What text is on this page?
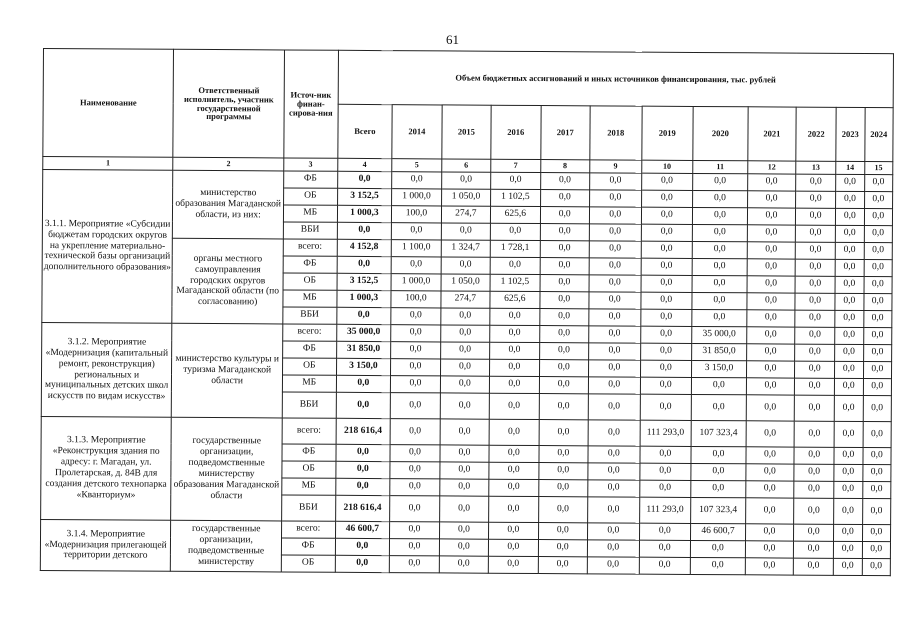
61
Наименование	Ответственный исполнитель, участник государственной программы	Источ-ник финан-сирова-ния	Объем бюджетных ассигнований и иных источников финансирования, тыс. рублей											
			Всего	2014	2015	2016	2017	2018	2019	2020	2021	2022	2023	2024
1	2	3	4	5	6	7	8	9	10	11	12	13	14	15
3.1.1. Мероприятие «Субсидии бюджетам городских округов на укрепление материально-технической базы организаций дополнительного образования»	министерство образования Магаданской области, из них:	ФБ	0,0	0,0	0,0	0,0	0,0	0,0	0,0	0,0	0,0	0,0	0,0	0,0
		ОБ	3 152,5	1 000,0	1 050,0	1 102,5	0,0	0,0	0,0	0,0	0,0	0,0	0,0	0,0
		МБ	1 000,3	100,0	274,7	625,6	0,0	0,0	0,0	0,0	0,0	0,0	0,0	0,0
		ВБИ	0,0	0,0	0,0	0,0	0,0	0,0	0,0	0,0	0,0	0,0	0,0	0,0
	органы местного самоуправления городских округов Магаданской области (по согласованию)	всего:	4 152,8	1 100,0	1 324,7	1 728,1	0,0	0,0	0,0	0,0	0,0	0,0	0,0	0,0
		ФБ	0,0	0,0	0,0	0,0	0,0	0,0	0,0	0,0	0,0	0,0	0,0	0,0
		ОБ	3 152,5	1 000,0	1 050,0	1 102,5	0,0	0,0	0,0	0,0	0,0	0,0	0,0	0,0
		МБ	1 000,3	100,0	274,7	625,6	0,0	0,0	0,0	0,0	0,0	0,0	0,0	0,0
		ВБИ	0,0	0,0	0,0	0,0	0,0	0,0	0,0	0,0	0,0	0,0	0,0	0,0
3.1.2. Мероприятие «Модернизация (капитальный ремонт, реконструкция) региональных и муниципальных детских школ искусств по видам искусств»	министерство культуры и туризма Магаданской области	всего:	35 000,0	0,0	0,0	0,0	0,0	0,0	0,0	35 000,0	0,0	0,0	0,0	0,0
		ФБ	31 850,0	0,0	0,0	0,0	0,0	0,0	0,0	31 850,0	0,0	0,0	0,0	0,0
		ОБ	3 150,0	0,0	0,0	0,0	0,0	0,0	0,0	3 150,0	0,0	0,0	0,0	0,0
		МБ	0,0	0,0	0,0	0,0	0,0	0,0	0,0	0,0	0,0	0,0	0,0	0,0
		ВБИ	0,0	0,0	0,0	0,0	0,0	0,0	0,0	0,0	0,0	0,0	0,0	0,0
3.1.3. Мероприятие «Реконструкция здания по адресу: г. Магадан, ул. Пролетарская, д. 84В для создания детского технопарка «Кванториум»	государственные организации, подведомственные министерству образования Магаданской области	всего:	218 616,4	0,0	0,0	0,0	0,0	0,0	111 293,0	107 323,4	0,0	0,0	0,0	0,0
		ФБ	0,0	0,0	0,0	0,0	0,0	0,0	0,0	0,0	0,0	0,0	0,0	0,0
		ОБ	0,0	0,0	0,0	0,0	0,0	0,0	0,0	0,0	0,0	0,0	0,0	0,0
		МБ	0,0	0,0	0,0	0,0	0,0	0,0	0,0	0,0	0,0	0,0	0,0	0,0
		ВБИ	218 616,4	0,0	0,0	0,0	0,0	0,0	111 293,0	107 323,4	0,0	0,0	0,0	0,0
3.1.4. Мероприятие «Модернизация прилегающей территории детского	государственные организации, подведомственные министерству	всего:	46 600,7	0,0	0,0	0,0	0,0	0,0	0,0	46 600,7	0,0	0,0	0,0	0,0
		ФБ	0,0	0,0	0,0	0,0	0,0	0,0	0,0	0,0	0,0	0,0	0,0	0,0
		ОБ	0,0	0,0	0,0	0,0	0,0	0,0	0,0	0,0	0,0	0,0	0,0	0,0
